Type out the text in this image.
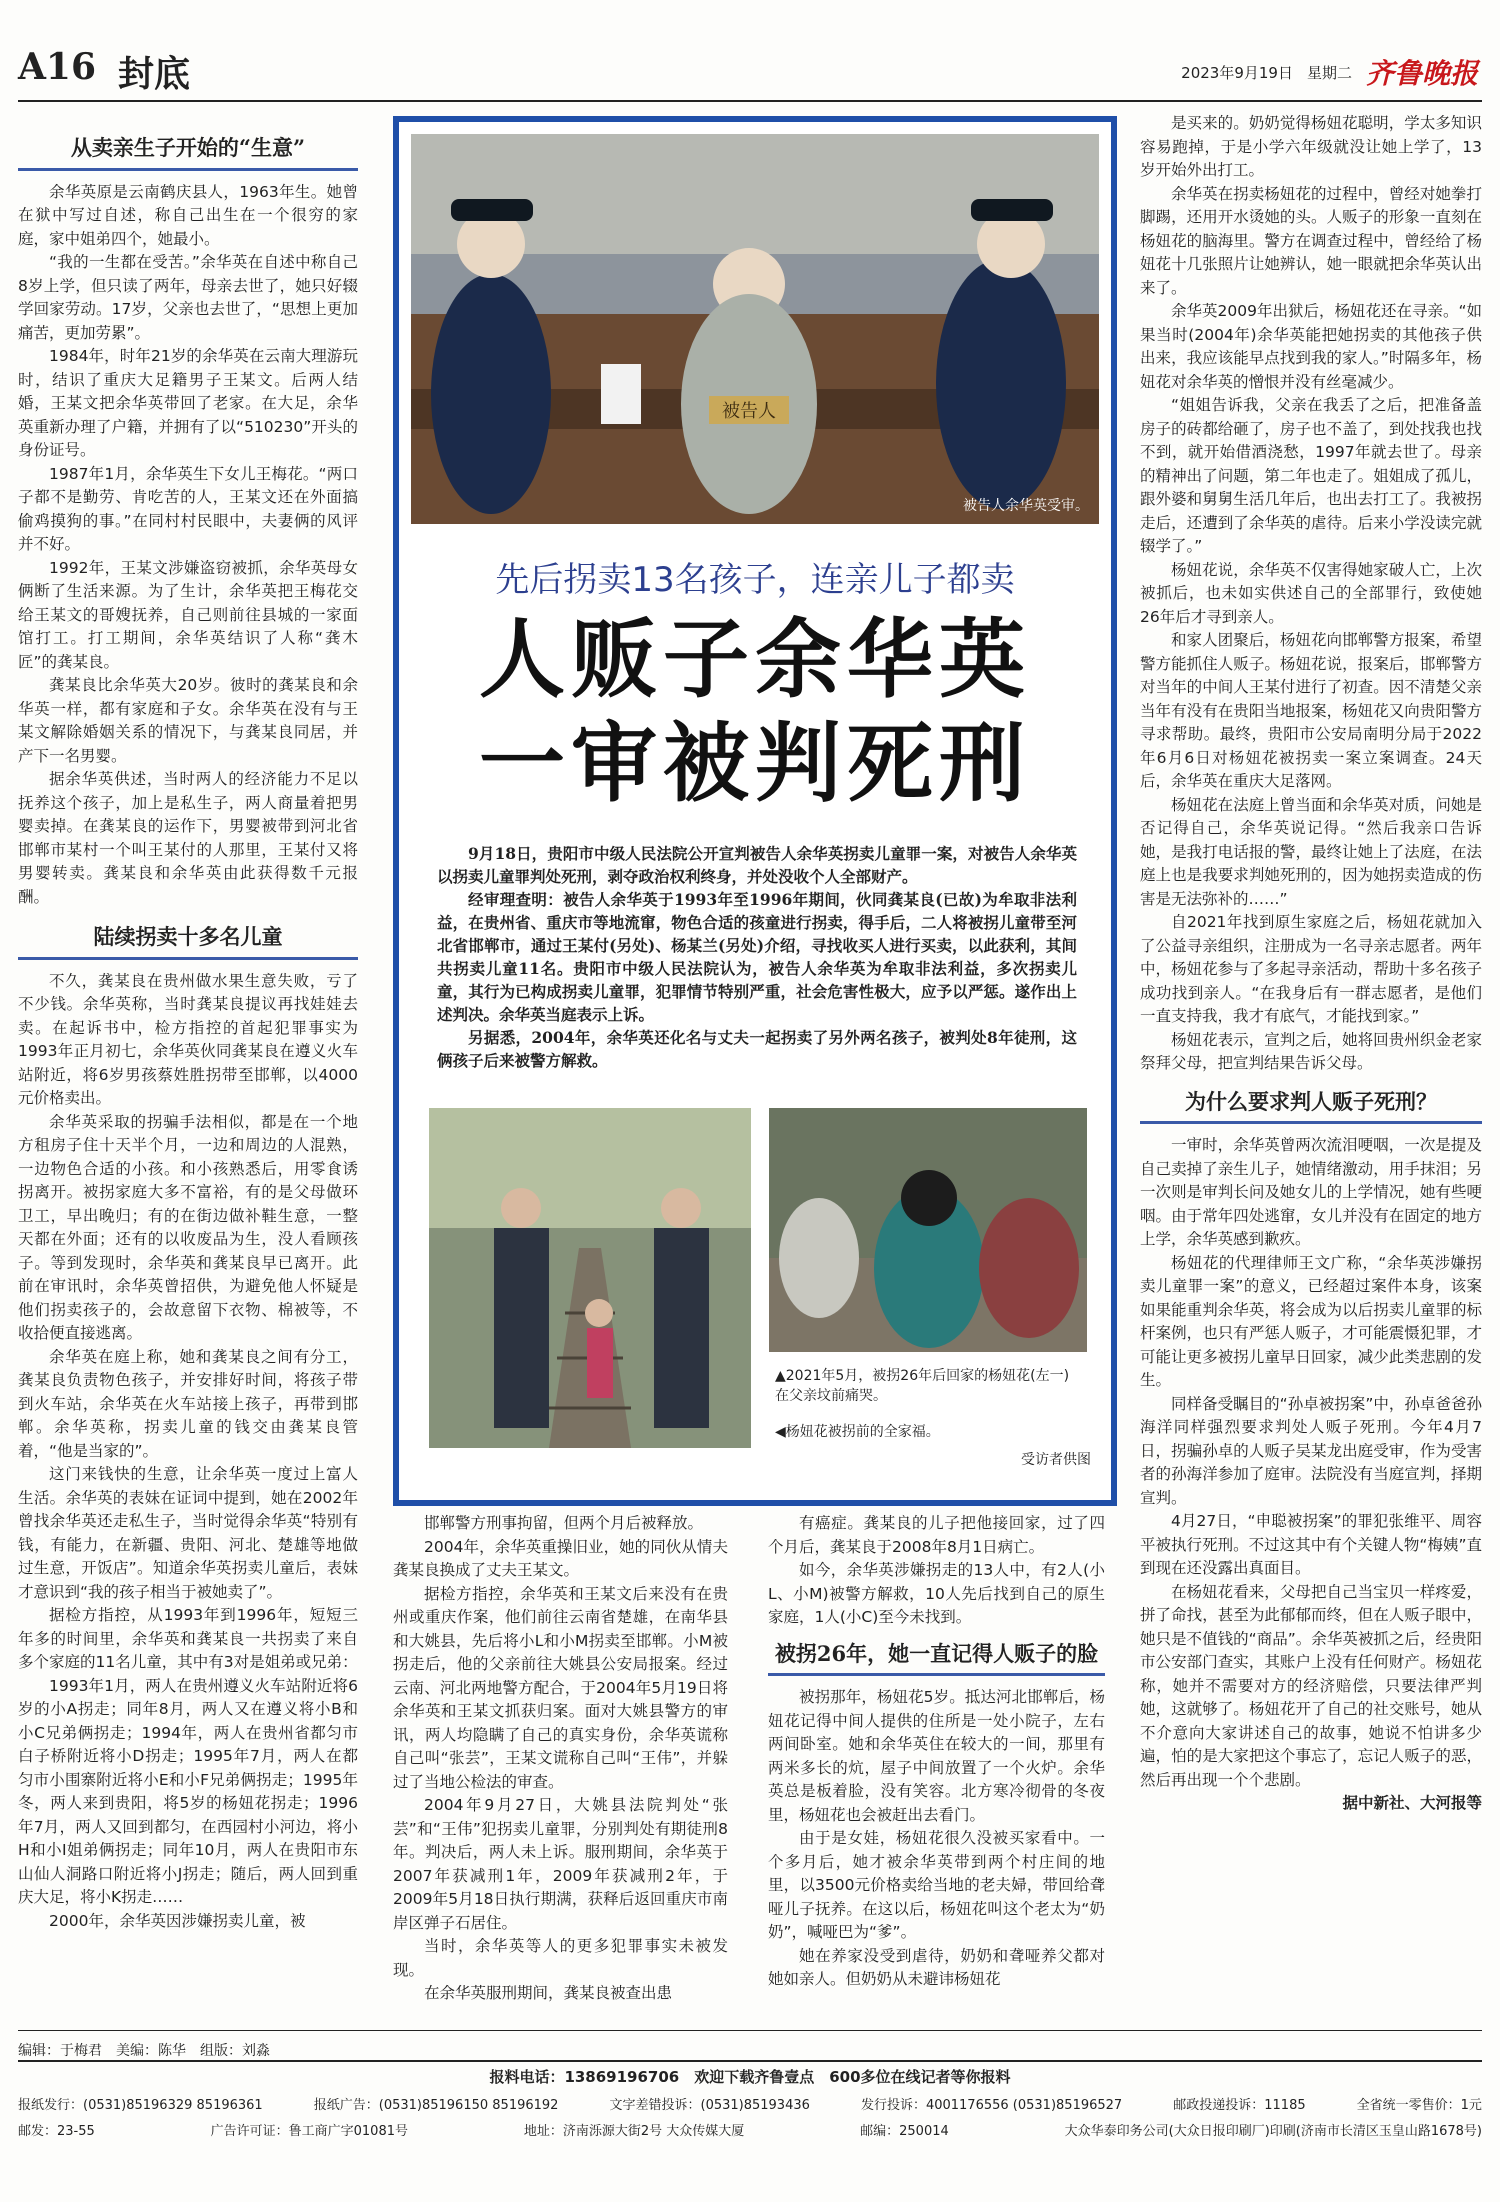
A16 封底	2023年9月19日 星期二 齐鲁晚报
从卖亲生子开始的“生意”

余华英原是云南鹤庆县人，1963年生。她曾在狱中写过自述，称自己出生在一个很穷的家庭，家中姐弟四个，她最小。

“我的一生都在受苦。”余华英在自述中称自己8岁上学，但只读了两年，母亲去世了，她只好辍学回家劳动。17岁，父亲也去世了，“思想上更加痛苦，更加劳累”。

1984年，时年21岁的余华英在云南大理游玩时，结识了重庆大足籍男子王某文。后两人结婚，王某文把余华英带回了老家。在大足，余华英重新办理了户籍，并拥有了以“510230”开头的身份证号。

1987年1月，余华英生下女儿王梅花。“两口子都不是勤劳、肯吃苦的人，王某文还在外面搞偷鸡摸狗的事。”在同村村民眼中，夫妻俩的风评并不好。

1992年，王某文涉嫌盗窃被抓，余华英母女俩断了生活来源。为了生计，余华英把王梅花交给王某文的哥嫂抚养，自己则前往县城的一家面馆打工。打工期间，余华英结识了人称“龚木匠”的龚某良。

龚某良比余华英大20岁。彼时的龚某良和余华英一样，都有家庭和子女。余华英在没有与王某文解除婚姻关系的情况下，与龚某良同居，并产下一名男婴。

据余华英供述，当时两人的经济能力不足以抚养这个孩子，加上是私生子，两人商量着把男婴卖掉。在龚某良的运作下，男婴被带到河北省邯郸市某村一个叫王某付的人那里，王某付又将男婴转卖。龚某良和余华英由此获得数千元报酬。

陆续拐卖十多名儿童

不久，龚某良在贵州做水果生意失败，亏了不少钱。余华英称，当时龚某良提议再找娃娃去卖。在起诉书中，检方指控的首起犯罪事实为1993年正月初七，余华英伙同龚某良在遵义火车站附近，将6岁男孩蔡姓胜拐带至邯郸，以4000元价格卖出。

余华英采取的拐骗手法相似，都是在一个地方租房子住十天半个月，一边和周边的人混熟，一边物色合适的小孩。和小孩熟悉后，用零食诱拐离开。被拐家庭大多不富裕，有的是父母做环卫工，早出晚归；有的在街边做补鞋生意，一整天都在外面；还有的以收废品为生，没人看顾孩子。等到发现时，余华英和龚某良早已离开。此前在审讯时，余华英曾招供，为避免他人怀疑是他们拐卖孩子的，会故意留下衣物、棉被等，不收拾便直接逃离。

余华英在庭上称，她和龚某良之间有分工，龚某良负责物色孩子，并安排好时间，将孩子带到火车站，余华英在火车站接上孩子，再带到邯郸。余华英称，拐卖儿童的钱交由龚某良管着，“他是当家的”。

这门来钱快的生意，让余华英一度过上富人生活。余华英的表妹在证词中提到，她在2002年曾找余华英还走私生子，当时觉得余华英“特别有钱，有能力，在新疆、贵阳、河北、楚雄等地做过生意，开饭店”。知道余华英拐卖儿童后，表妹才意识到“我的孩子相当于被她卖了”。

据检方指控，从1993年到1996年，短短三年多的时间里，余华英和龚某良一共拐卖了来自多个家庭的11名儿童，其中有3对是姐弟或兄弟：

1993年1月，两人在贵州遵义火车站附近将6岁的小A拐走；同年8月，两人又在遵义将小B和小C兄弟俩拐走；1994年，两人在贵州省都匀市白子桥附近将小D拐走；1995年7月，两人在都匀市小围寨附近将小E和小F兄弟俩拐走；1995年冬，两人来到贵阳，将5岁的杨妞花拐走；1996年7月，两人又回到都匀，在西园村小河边，将小H和小I姐弟俩拐走；同年10月，两人在贵阳市东山仙人洞路口附近将小J拐走；随后，两人回到重庆大足，将小K拐走……

2000年，余华英因涉嫌拐卖儿童，被

被告人
被告人余华英受审。
先后拐卖13名孩子，连亲儿子都卖
人贩子余华英
一审被判死刑

9月18日，贵阳市中级人民法院公开宣判被告人余华英拐卖儿童罪一案，对被告人余华英以拐卖儿童罪判处死刑，剥夺政治权利终身，并处没收个人全部财产。

经审理查明：被告人余华英于1993年至1996年期间，伙同龚某良(已故)为牟取非法利益，在贵州省、重庆市等地流窜，物色合适的孩童进行拐卖，得手后，二人将被拐儿童带至河北省邯郸市，通过王某付(另处)、杨某兰(另处)介绍，寻找收买人进行买卖，以此获利，其间共拐卖儿童11名。贵阳市中级人民法院认为，被告人余华英为牟取非法利益，多次拐卖儿童，其行为已构成拐卖儿童罪，犯罪情节特别严重，社会危害性极大，应予以严惩。遂作出上述判决。余华英当庭表示上诉。

另据悉，2004年，余华英还化名与丈夫一起拐卖了另外两名孩子，被判处8年徒刑，这俩孩子后来被警方解救。

▲2021年5月，被拐26年后回家的杨妞花(左一)在父亲坟前痛哭。
◀杨妞花被拐前的全家福。
受访者供图

邯郸警方刑事拘留，但两个月后被释放。

2004年，余华英重操旧业，她的同伙从情夫龚某良换成了丈夫王某文。

据检方指控，余华英和王某文后来没有在贵州或重庆作案，他们前往云南省楚雄，在南华县和大姚县，先后将小L和小M拐卖至邯郸。小M被拐走后，他的父亲前往大姚县公安局报案。经过云南、河北两地警方配合，于2004年5月19日将余华英和王某文抓获归案。面对大姚县警方的审讯，两人均隐瞒了自己的真实身份，余华英谎称自己叫“张芸”，王某文谎称自己叫“王伟”，并躲过了当地公检法的审查。

2004年9月27日，大姚县法院判处“张芸”和“王伟”犯拐卖儿童罪，分别判处有期徒刑8年。判决后，两人未上诉。服刑期间，余华英于2007年获减刑1年，2009年获减刑2年，于2009年5月18日执行期满，获释后返回重庆市南岸区弹子石居住。

当时，余华英等人的更多犯罪事实未被发现。

在余华英服刑期间，龚某良被查出患

有癌症。龚某良的儿子把他接回家，过了四个月后，龚某良于2008年8月1日病亡。

如今，余华英涉嫌拐走的13人中，有2人(小L、小M)被警方解救，10人先后找到自己的原生家庭，1人(小C)至今未找到。

被拐26年，她一直记得人贩子的脸

被拐那年，杨妞花5岁。抵达河北邯郸后，杨妞花记得中间人提供的住所是一处小院子，左右两间卧室。她和余华英住在较大的一间，那里有两米多长的炕，屋子中间放置了一个火炉。余华英总是板着脸，没有笑容。北方寒冷彻骨的冬夜里，杨妞花也会被赶出去看门。

由于是女娃，杨妞花很久没被买家看中。一个多月后，她才被余华英带到两个村庄间的地里，以3500元价格卖给当地的老夫婦，带回给聋哑儿子抚养。在这以后，杨妞花叫这个老太为“奶奶”，喊哑巴为“爹”。

她在养家没受到虐待，奶奶和聋哑养父都对她如亲人。但奶奶从未避讳杨妞花

是买来的。奶奶觉得杨妞花聪明，学太多知识容易跑掉，于是小学六年级就没让她上学了，13岁开始外出打工。

余华英在拐卖杨妞花的过程中，曾经对她拳打脚踢，还用开水烫她的头。人贩子的形象一直刻在杨妞花的脑海里。警方在调查过程中，曾经给了杨妞花十几张照片让她辨认，她一眼就把余华英认出来了。

余华英2009年出狱后，杨妞花还在寻亲。“如果当时(2004年)余华英能把她拐卖的其他孩子供出来，我应该能早点找到我的家人。”时隔多年，杨妞花对余华英的憎恨并没有丝毫减少。

“姐姐告诉我，父亲在我丢了之后，把准备盖房子的砖都给砸了，房子也不盖了，到处找我也找不到，就开始借酒浇愁，1997年就去世了。母亲的精神出了问题，第二年也走了。姐姐成了孤儿，跟外婆和舅舅生活几年后，也出去打工了。我被拐走后，还遭到了余华英的虐待。后来小学没读完就辍学了。”

杨妞花说，余华英不仅害得她家破人亡，上次被抓后，也未如实供述自己的全部罪行，致使她26年后才寻到亲人。

和家人团聚后，杨妞花向邯郸警方报案，希望警方能抓住人贩子。杨妞花说，报案后，邯郸警方对当年的中间人王某付进行了初查。因不清楚父亲当年有没有在贵阳当地报案，杨妞花又向贵阳警方寻求帮助。最终，贵阳市公安局南明分局于2022年6月6日对杨妞花被拐卖一案立案调查。24天后，余华英在重庆大足落网。

杨妞花在法庭上曾当面和余华英对质，问她是否记得自己，余华英说记得。“然后我亲口告诉她，是我打电话报的警，最终让她上了法庭，在法庭上也是我要求判她死刑的，因为她拐卖造成的伤害是无法弥补的……”

自2021年找到原生家庭之后，杨妞花就加入了公益寻亲组织，注册成为一名寻亲志愿者。两年中，杨妞花参与了多起寻亲活动，帮助十多名孩子成功找到亲人。“在我身后有一群志愿者，是他们一直支持我，我才有底气，才能找到家。”

杨妞花表示，宣判之后，她将回贵州织金老家祭拜父母，把宣判结果告诉父母。

为什么要求判人贩子死刑？

一审时，余华英曾两次流泪哽咽，一次是提及自己卖掉了亲生儿子，她情绪激动，用手抹泪；另一次则是审判长问及她女儿的上学情况，她有些哽咽。由于常年四处逃窜，女儿并没有在固定的地方上学，余华英感到歉疚。

杨妞花的代理律师王文广称，“余华英涉嫌拐卖儿童罪一案”的意义，已经超过案件本身，该案如果能重判余华英，将会成为以后拐卖儿童罪的标杆案例，也只有严惩人贩子，才可能震慑犯罪，才可能让更多被拐儿童早日回家，减少此类悲剧的发生。

同样备受瞩目的“孙卓被拐案”中，孙卓爸爸孙海洋同样强烈要求判处人贩子死刑。今年4月7日，拐骗孙卓的人贩子吴某龙出庭受审，作为受害者的孙海洋参加了庭审。法院没有当庭宣判，择期宣判。

4月27日，“申聪被拐案”的罪犯张维平、周容平被执行死刑。不过这其中有个关键人物“梅姨”直到现在还没露出真面目。

在杨妞花看来，父母把自己当宝贝一样疼爱，拼了命找，甚至为此郁郁而终，但在人贩子眼中，她只是不值钱的“商品”。余华英被抓之后，经贵阳市公安部门查实，其账户上没有任何财产。杨妞花称，她并不需要对方的经济赔偿，只要法律严判她，这就够了。杨妞花开了自己的社交账号，她从不介意向大家讲述自己的故事，她说不怕讲多少遍，怕的是大家把这个事忘了，忘记人贩子的恶，然后再出现一个个悲剧。

据中新社、大河报等
编辑：于梅君　美编：陈华　组版：刘淼
报料电话：13869196706　欢迎下载齐鲁壹点　600多位在线记者等你报料
报纸发行：(0531)85196329 85196361	报纸广告：(0531)85196150 85196192	文字差错投诉：(0531)85193436	发行投诉：4001176556 (0531)85196527	邮政投递投诉：11185	全省统一零售价：1元
邮发：23-55	广告许可证：鲁工商广字01081号	地址：济南泺源大街2号 大众传媒大厦	邮编：250014	大众华泰印务公司(大众日报印刷厂)印刷(济南市长清区玉皇山路1678号)
